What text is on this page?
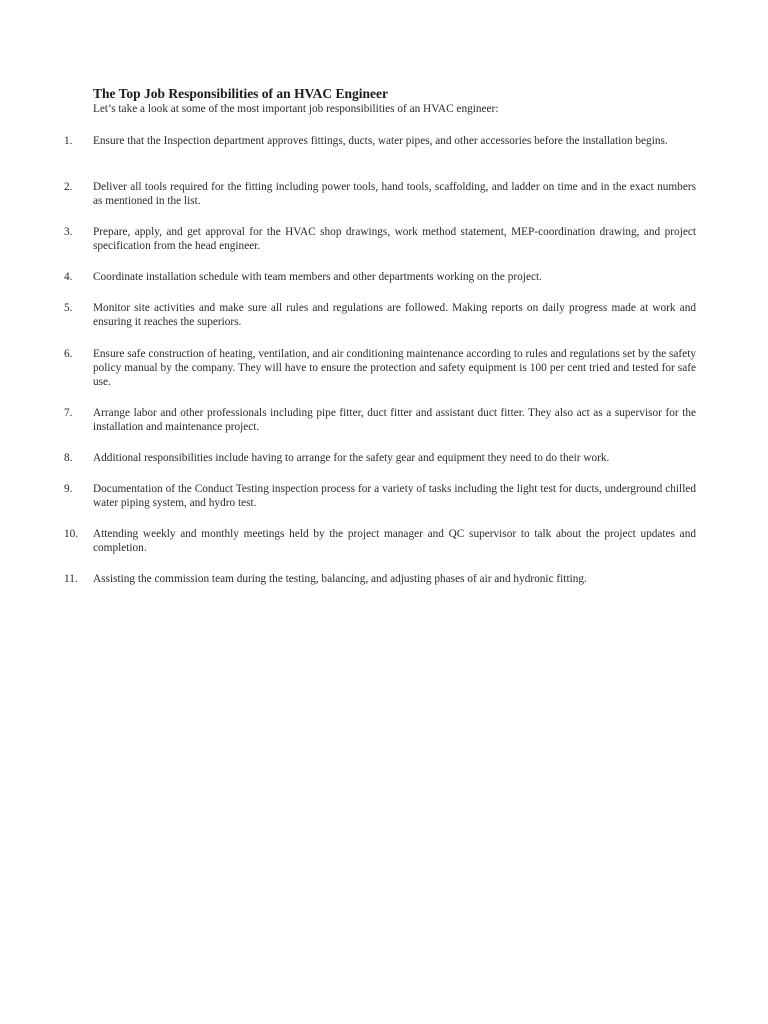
The Top Job Responsibilities of an HVAC Engineer
Let’s take a look at some of the most important job responsibilities of an HVAC engineer:
1. Ensure that the Inspection department approves fittings, ducts, water pipes, and other accessories before the installation begins.
2. Deliver all tools required for the fitting including power tools, hand tools, scaffolding, and ladder on time and in the exact numbers as mentioned in the list.
3. Prepare, apply, and get approval for the HVAC shop drawings, work method statement, MEP-coordination drawing, and project specification from the head engineer.
4. Coordinate installation schedule with team members and other departments working on the project.
5. Monitor site activities and make sure all rules and regulations are followed. Making reports on daily progress made at work and ensuring it reaches the superiors.
6. Ensure safe construction of heating, ventilation, and air conditioning maintenance according to rules and regulations set by the safety policy manual by the company. They will have to ensure the protection and safety equipment is 100 per cent tried and tested for safe use.
7. Arrange labor and other professionals including pipe fitter, duct fitter and assistant duct fitter. They also act as a supervisor for the installation and maintenance project.
8. Additional responsibilities include having to arrange for the safety gear and equipment they need to do their work.
9. Documentation of the Conduct Testing inspection process for a variety of tasks including the light test for ducts, underground chilled water piping system, and hydro test.
10. Attending weekly and monthly meetings held by the project manager and QC supervisor to talk about the project updates and completion.
11. Assisting the commission team during the testing, balancing, and adjusting phases of air and hydronic fitting.
